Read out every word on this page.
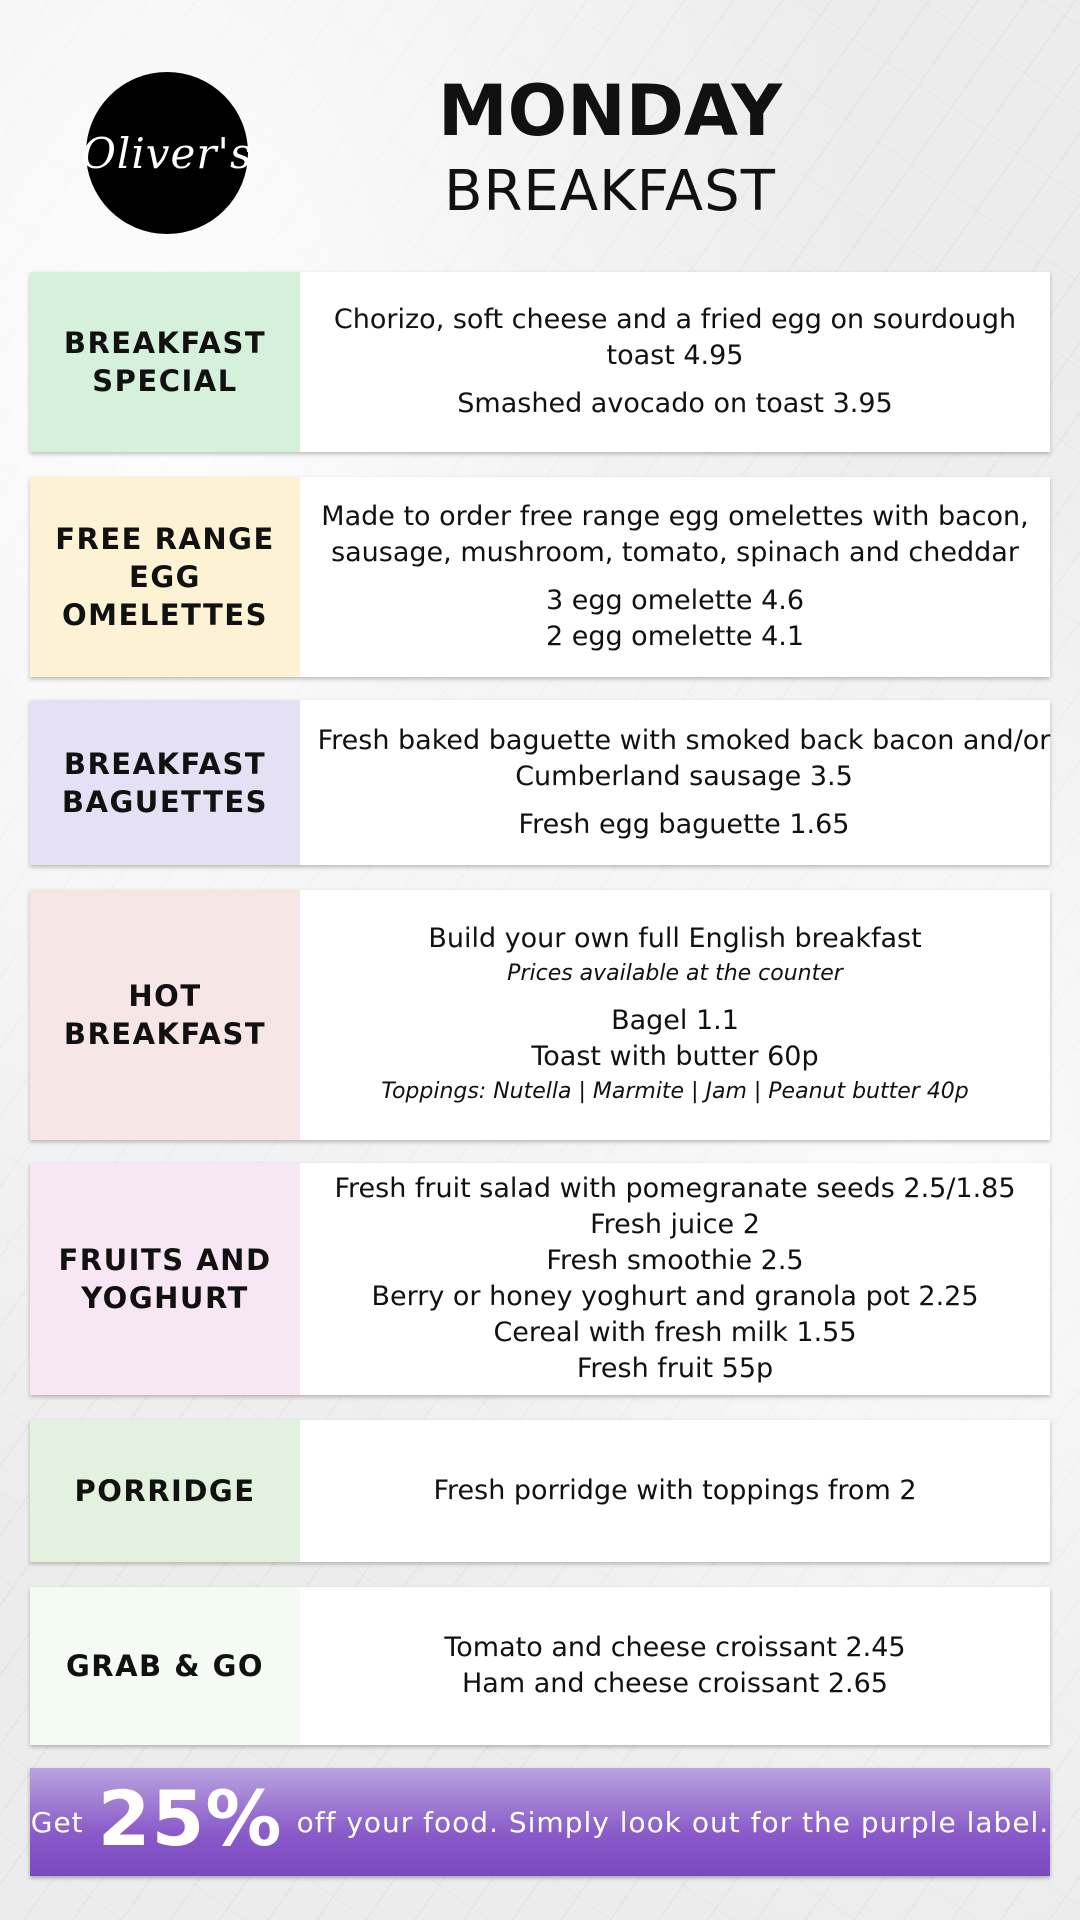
Oliver's
MONDAY
BREAKFAST
BREAKFAST SPECIAL
Chorizo, soft cheese and a fried egg on sourdough toast 4.95
Smashed avocado on toast 3.95
FREE RANGE EGG OMELETTES
Made to order free range egg omelettes with bacon, sausage, mushroom, tomato, spinach and cheddar
3 egg omelette 4.6
2 egg omelette 4.1
BREAKFAST BAGUETTES
Fresh baked baguette with smoked back bacon and/or Cumberland sausage 3.5
Fresh egg baguette 1.65
HOT BREAKFAST
Build your own full English breakfast
Prices available at the counter
Bagel 1.1
Toast with butter 60p
Toppings: Nutella | Marmite | Jam | Peanut butter 40p
FRUITS AND YOGHURT
Fresh fruit salad with pomegranate seeds 2.5/1.85
Fresh juice 2
Fresh smoothie 2.5
Berry or honey yoghurt and granola pot 2.25
Cereal with fresh milk 1.55
Fresh fruit 55p
PORRIDGE	Fresh porridge with toppings from 2
GRAB & GO
Tomato and cheese croissant 2.45
Ham and cheese croissant 2.65
Get 25% off your food. Simply look out for the purple label.
